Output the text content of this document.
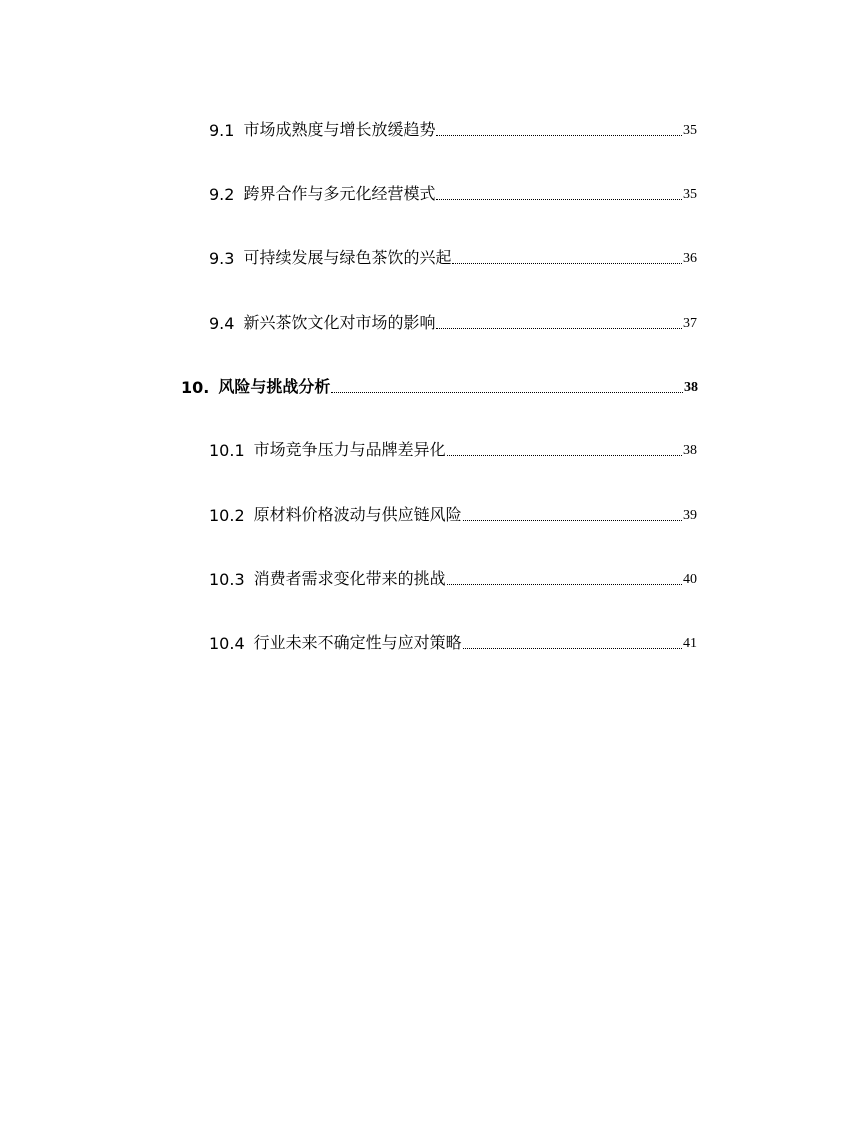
9.1 市场成熟度与增长放缓趋势	35
9.2 跨界合作与多元化经营模式	35
9.3 可持续发展与绿色茶饮的兴起	36
9.4 新兴茶饮文化对市场的影响	37
10. 风险与挑战分析	38
10.1 市场竞争压力与品牌差异化	38
10.2 原材料价格波动与供应链风险	39
10.3 消费者需求变化带来的挑战	40
10.4 行业未来不确定性与应对策略	41
